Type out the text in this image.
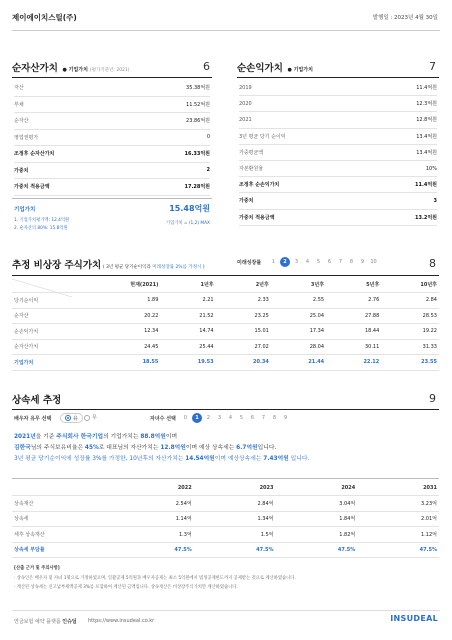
제이에이치스틸(주)	발행일 : 2023년 4월 30일
순자산가치 ● 기업가치 (평가기준년: 2021)	6
자산	35.38억원
부채	11.52억원
순자산	23.86억원
영업권평가	0
조정후 순자산가치	16.33억원
가중치	2
가중치 적용금액	17.28억원
기업가치	15.48억원
1. 기업가치평가액: 12.4억원
2. 순자산의 80%: 15.8억원
기업가치 = (1,2) MAX
순손익가치 ● 기업가치	7
2019	11.4억원
2020	12.3억원
2021	12.8억원
3년 평균 당기 순이익	13.4억원
가중평균액	13.4억원
자본환원율	10%
조정후 순손익가치	11.4억원
가중치	3
가중치 적용금액	13.2억원
추정 비상장 주식가치 ( 3년 평균 당기순이익과 미래성장률 2%를 가정시 )
미래성장률	1	2	3	4	5	6	7	8	9	10	8
	현재(2021)	1년후	2년후	3년후	5년후	10년후
당기순이익	1.89	2.21	2.33	2.55	2.76	2.84
순자산	20.22	21.52	23.25	25.04	27.88	28.53
순손익가치	12.34	14.74	15.01	17.34	18.44	19.22
순자산가치	24.45	25.44	27.02	28.04	30.11	31.33
기업가치	18.55	19.53	20.34	21.44	22.12	23.55
상속세 추정	9
배우자 유무 선택	유	무	자녀수 선택	0	1	2	3	4	5	6	7	8	9
2021년을 기준 주식회사 한국기업의 기업가치는 88.8억원이며
김한국님의 주식보유비율은 45%로 대표님의 자산가치는 12.8억원이며 예상 상속세는 6.7억원입니다.
3년 평균 당기순이익에 성장률 3%를 가정한, 10년후의 자산가치는 14.54억원이며 예상상속세는 7.43억원 입니다.
	2022	2023	2024	2031
상속재산	2.54억	2.84억	3.04억	3.23억
상속세	1.14억	1.34억	1.84억	2.01억
세후 상속재산	1.3억	1.5억	1.82억	1.12억
상속세 부담률	47.5%	47.5%	47.5%	47.5%
[산출 근거 및 주의사항]
· 상속인은 배우자 및 자녀 1명으로 가정하였으며, 일괄공제 5억원과 배우자공제는 최소 5억원에서 법정공제한도까지 공제받는 것으로 계산하였습니다.
· 계산된 상속세는 신고납부세액공제 3%를 포함하여 계산된 금액입니다. 상속재산은 비상장주식가치만 계산하였습니다.
연금보험 예약 플랫폼 인슈딜 https://www.insudeal.co.kr	INSUDEAL
